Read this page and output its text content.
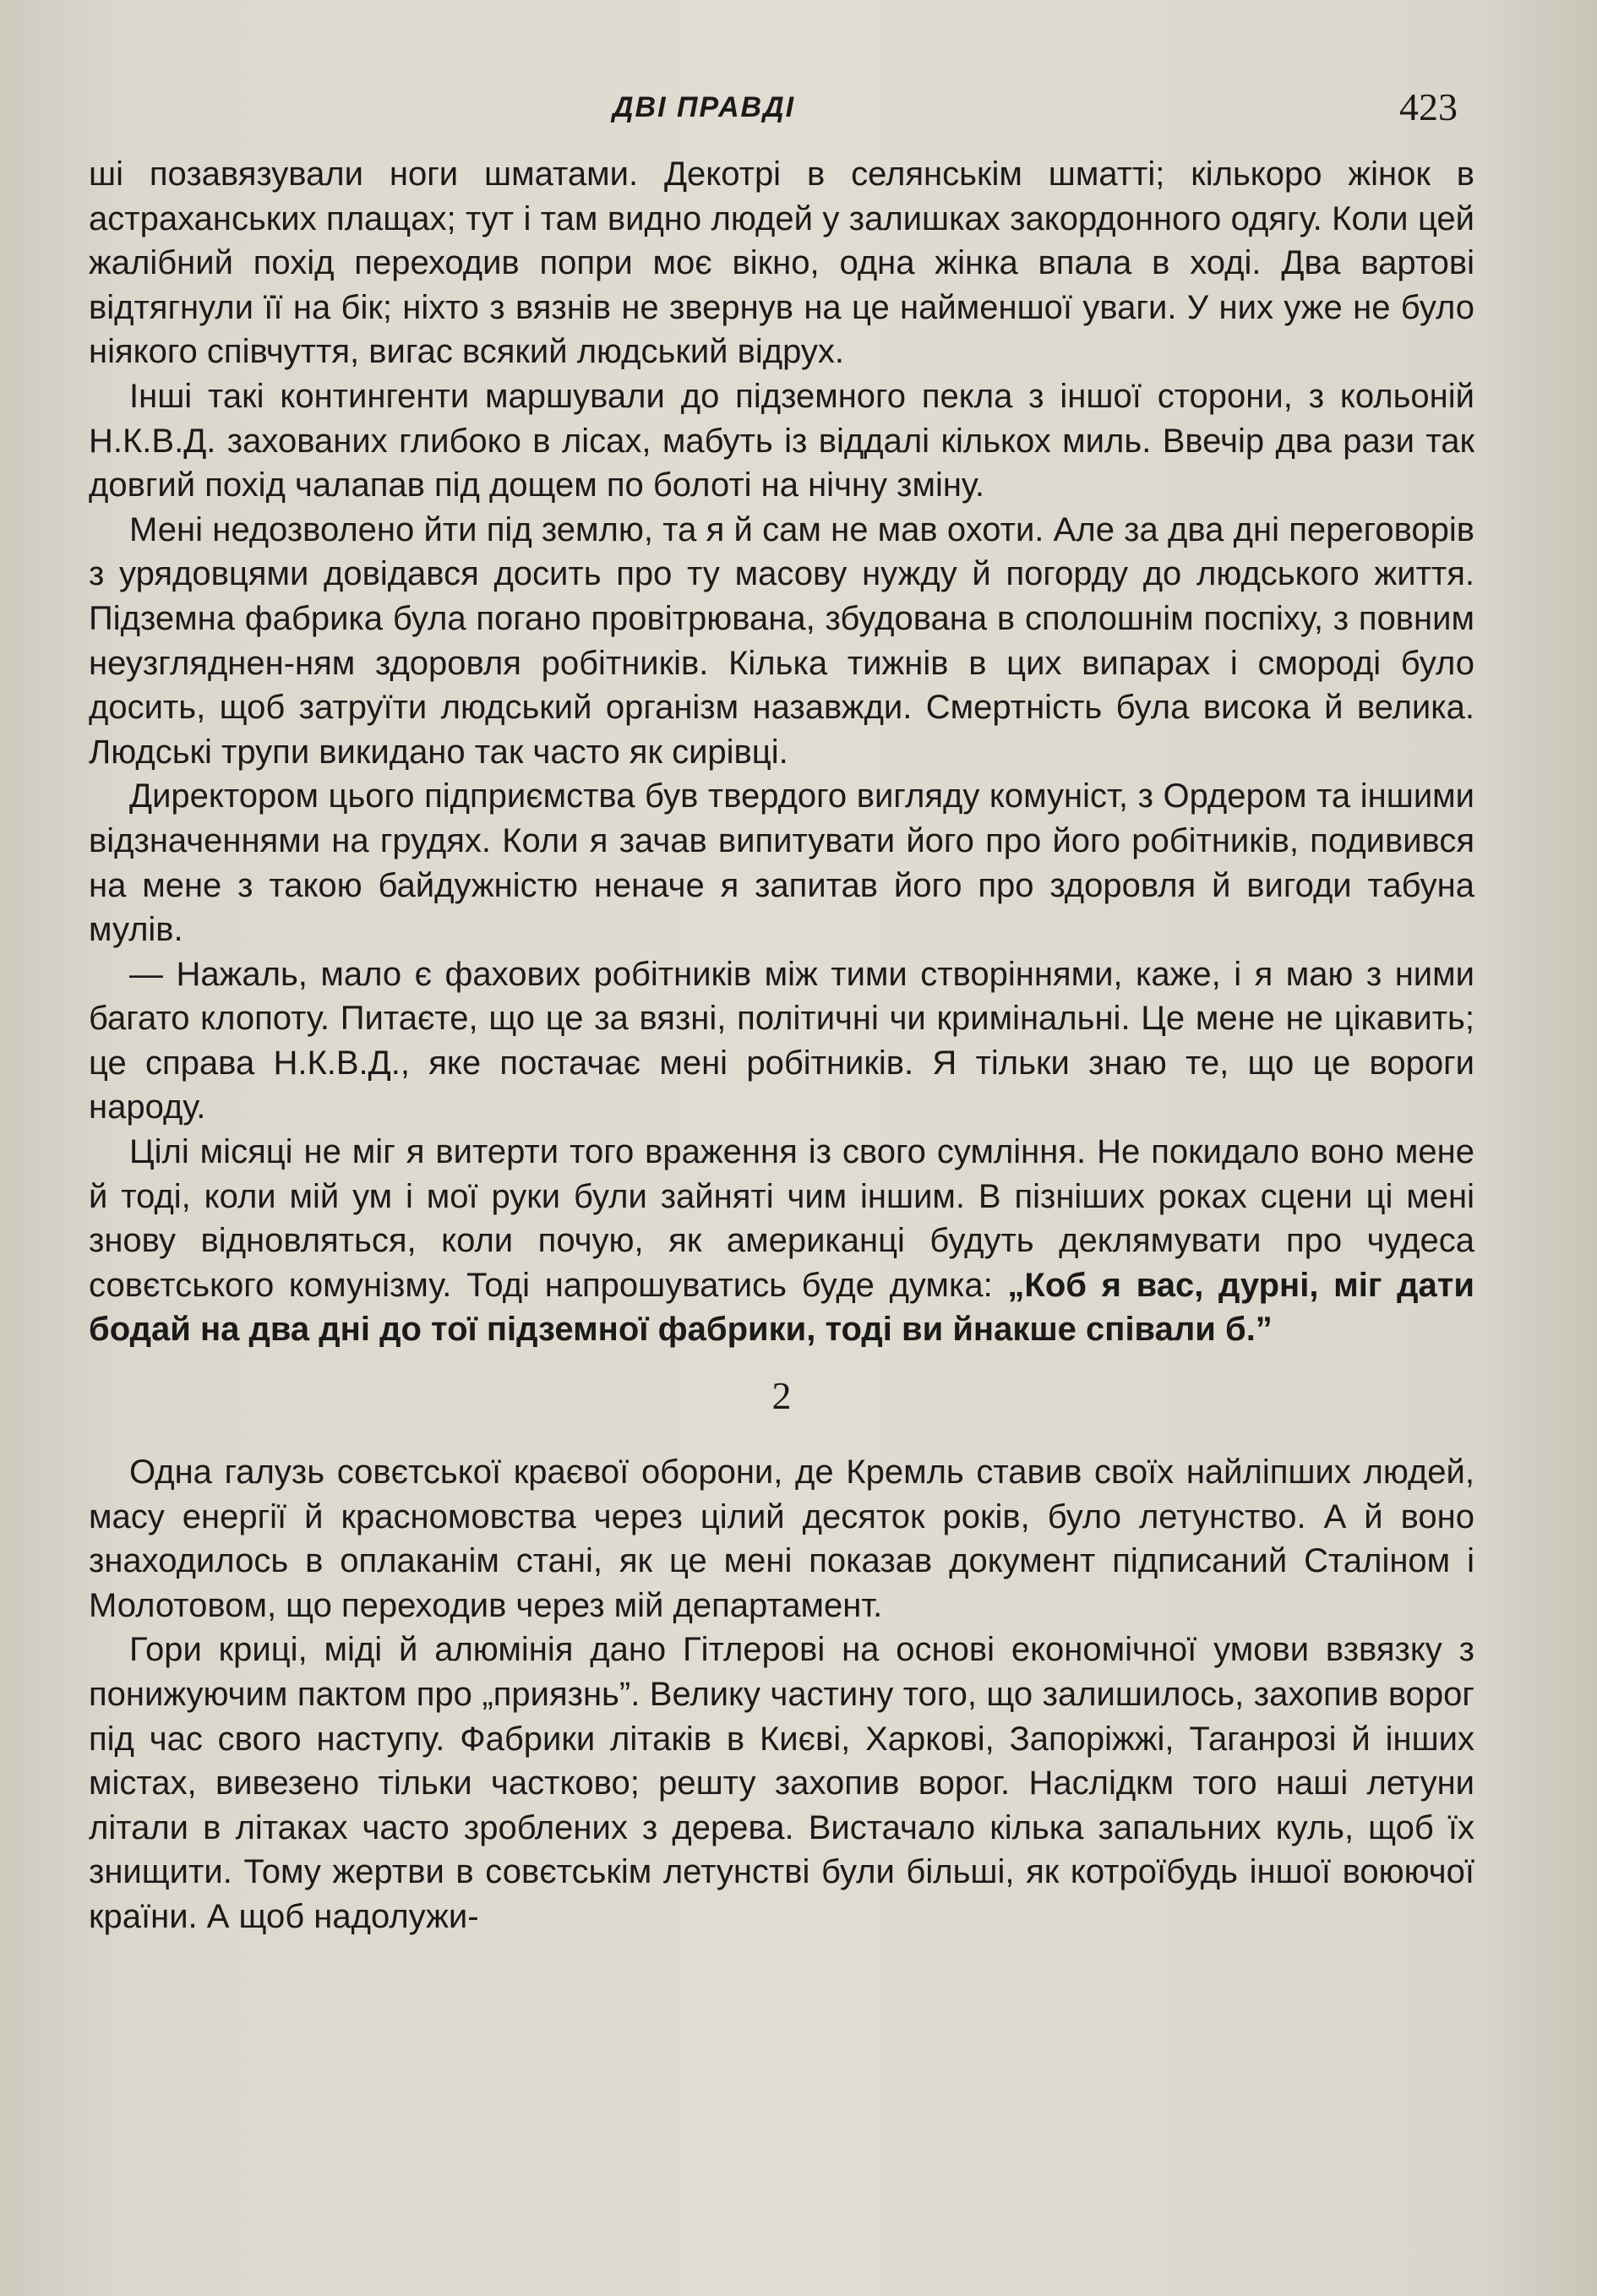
ДВІ ПРАВДІ	423

ші позавязували ноги шматами. Декотрі в селянськім шматті; кількоро жінок в астраханських плащах; тут і там видно людей у залишках закордонного одягу. Коли цей жалібний похід переходив попри моє вікно, одна жінка впала в ході. Два вартові відтягнули її на бік; ніхто з вязнів не звернув на це найменшої уваги. У них уже не було ніякого співчуття, вигас всякий людський відрух.

Інші такі контингенти маршували до підземного пекла з іншої сторони, з кольоній Н.К.В.Д. захованих глибоко в лісах, мабуть із віддалі кількох миль. Ввечір два рази так довгий похід чалапав під дощем по болоті на нічну зміну.

Мені недозволено йти під землю, та я й сам не мав охоти. Але за два дні переговорів з урядовцями довідався досить про ту масову нужду й погорду до людського життя. Підземна фабрика була погано провітрювана, збудована в сполошнім поспіху, з повним неузгляднен-ням здоровля робітників. Кілька тижнів в цих випарах і смороді було досить, щоб затруїти людський організм назавжди. Смертність була висока й велика. Людські трупи викидано так часто як сирівці.

Директором цього підприємства був твердого вигляду комуніст, з Ордером та іншими відзначеннями на грудях. Коли я зачав випитувати його про його робітників, подивився на мене з такою байдужністю неначе я запитав його про здоровля й вигоди табуна мулів.

— Нажаль, мало є фахових робітників між тими створіннями, каже, і я маю з ними багато клопоту. Питаєте, що це за вязні, політичні чи кримінальні. Це мене не цікавить; це справа Н.К.В.Д., яке постачає мені робітників. Я тільки знаю те, що це вороги народу.

Цілі місяці не міг я витерти того враження із свого сумління. Не покидало воно мене й тоді, коли мій ум і мої руки були зайняті чим іншим. В пізніших роках сцени ці мені знову відновляться, коли почую, як американці будуть деклямувати про чудеса совєтського комунізму. Тоді напрошуватись буде думка: „Коб я вас, дурні, міг дати бодай на два дні до тої підземної фабрики, тоді ви йнакше співали б.”

2

Одна галузь совєтської краєвої оборони, де Кремль ставив своїх найліпших людей, масу енергії й красномовства через цілий десяток років, було летунство. А й воно знаходилось в оплаканім стані, як це мені показав документ підписаний Сталіном і Молотовом, що переходив через мій департамент.

Гори криці, міді й алюмінія дано Гітлерові на основі економічної умови взвязку з понижуючим пактом про „приязнь”. Велику частину того, що залишилось, захопив ворог під час свого наступу. Фабрики літаків в Києві, Харкові, Запоріжжі, Таганрозі й інших містах, вивезено тільки частково; решту захопив ворог. Наслідкм того наші летуни літали в літаках часто зроблених з дерева. Вистачало кілька запальних куль, щоб їх знищити. Тому жертви в совєтськім летунстві були більші, як котроїбудь іншої воюючої країни. А щоб надолужи-
